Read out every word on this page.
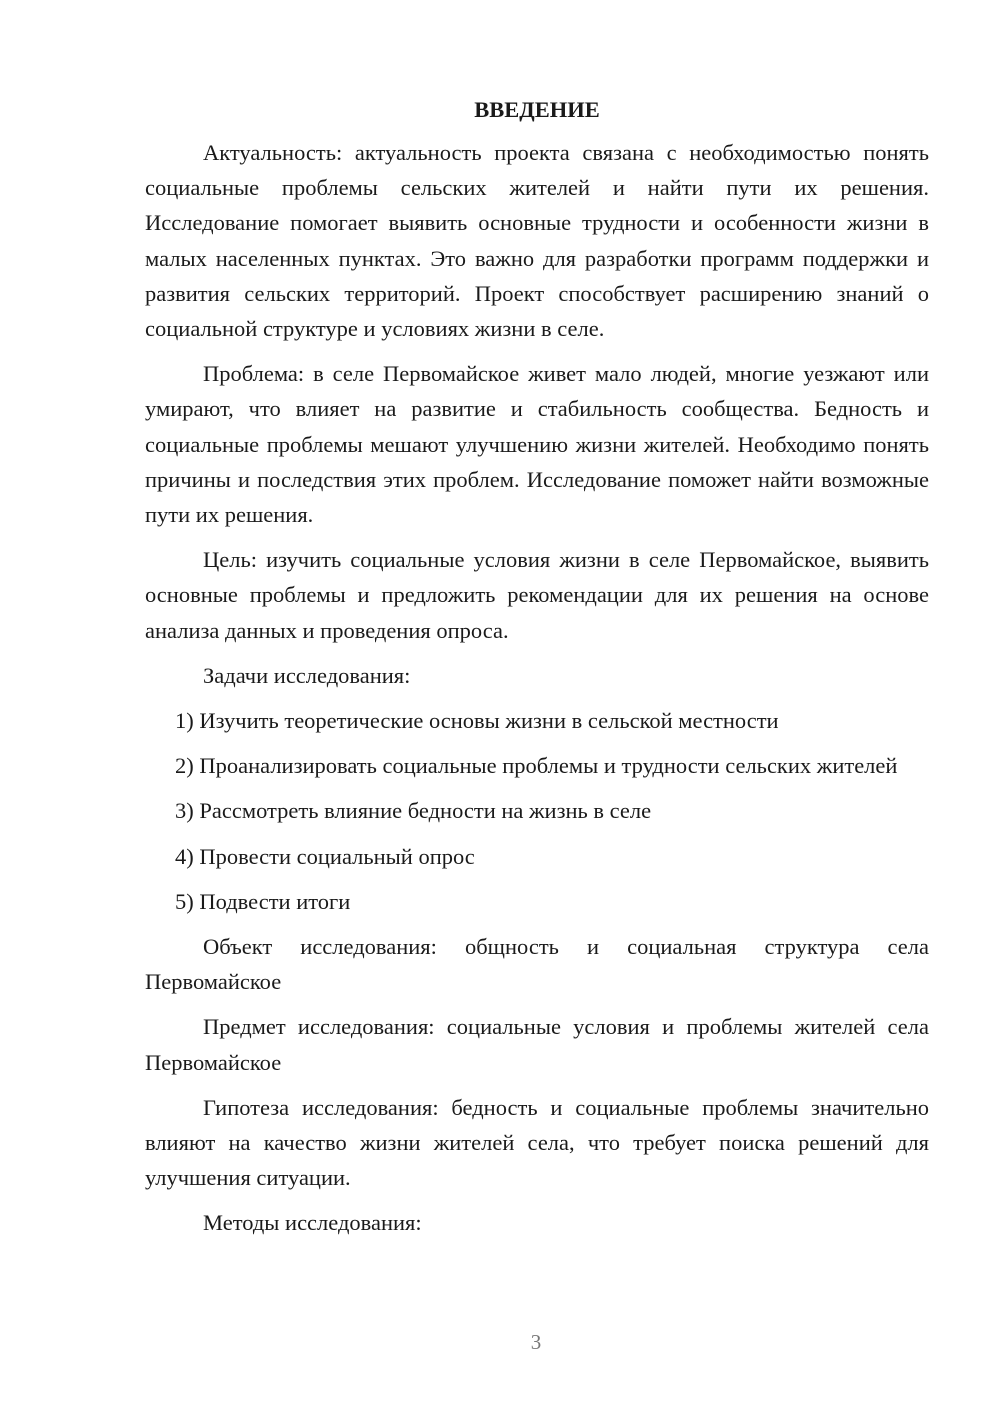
ВВЕДЕНИЕ

Актуальность: актуальность проекта связана с необходимостью понять социальные проблемы сельских жителей и найти пути их решения. Исследование помогает выявить основные трудности и особенности жизни в малых населенных пунктах. Это важно для разработки программ поддержки и развития сельских территорий. Проект способствует расширению знаний о социальной структуре и условиях жизни в селе.

Проблема: в селе Первомайское живет мало людей, многие уезжают или умирают, что влияет на развитие и стабильность сообщества. Бедность и социальные проблемы мешают улучшению жизни жителей. Необходимо понять причины и последствия этих проблем. Исследование поможет найти возможные пути их решения.

Цель: изучить социальные условия жизни в селе Первомайское, выявить основные проблемы и предложить рекомендации для их решения на основе анализа данных и проведения опроса.

Задачи исследования:

1) Изучить теоретические основы жизни в сельской местности

2) Проанализировать социальные проблемы и трудности сельских жителей

3) Рассмотреть влияние бедности на жизнь в селе

4) Провести социальный опрос

5) Подвести итоги

Объект исследования: общность и социальная структура села Первомайское

Предмет исследования: социальные условия и проблемы жителей села Первомайское

Гипотеза исследования: бедность и социальные проблемы значительно влияют на качество жизни жителей села, что требует поиска решений для улучшения ситуации.

Методы исследования:

3
